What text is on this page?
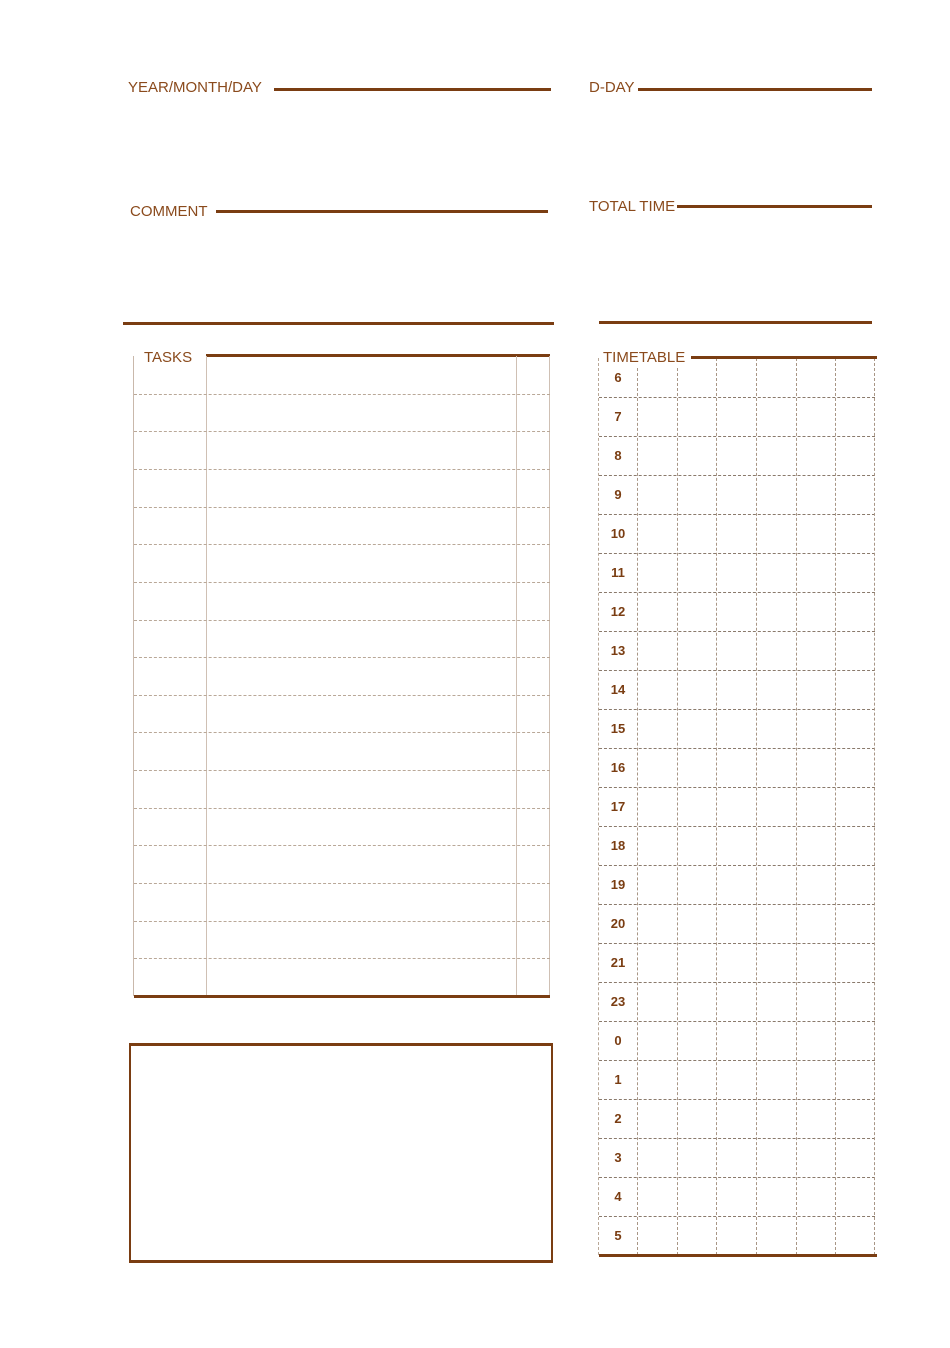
YEAR/MONTH/DAY	D-DAY
COMMENT	TOTAL TIME
TASKS	TIMETABLE
6
7
8
9
10
11
12
13
14
15
16
17
18
19
20
21
23
0
1
2
3
4
5
